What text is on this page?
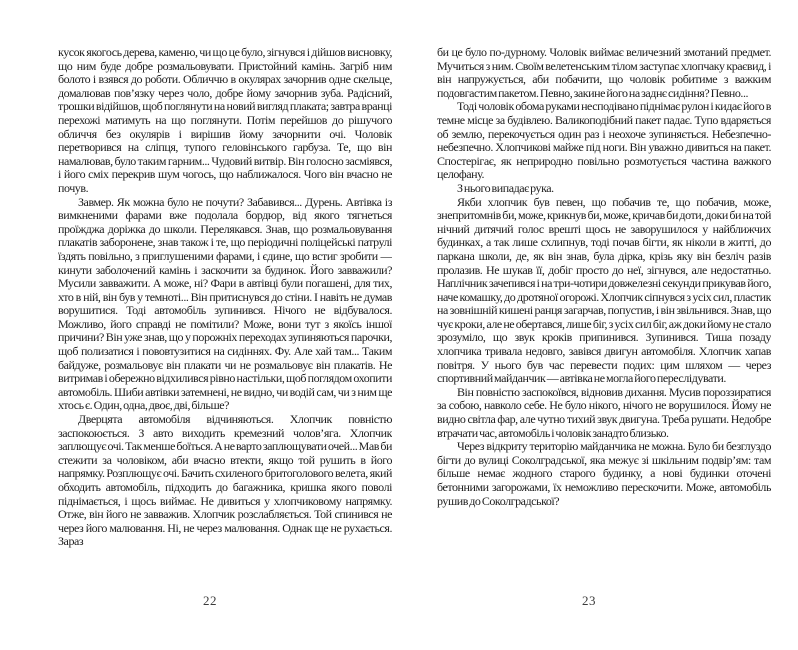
кусок якогось дерева, каменю, чи що це було, зігнувся і дійшов висновку, що ним буде добре розмальовувати. Пристойний камінь. Загріб ним болото і взявся до роботи. Обличчю в окулярах зачорнив одне скельце, домалював пов’язку через чоло, добре йому зачорнив зуба. Радісний, трошки відійшов, щоб поглянути на новий вигляд плаката; завтра вранці перехожі матимуть на що поглянути. Потім перейшов до рішучого обличчя без окулярів і вирішив йому зачорнити очі. Чоловік перетворився на сліпця, тупого геловінського гарбуза. Те, що він намалював, було таким гарним... Чудовий витвір. Він голосно засміявся, і його сміх перекрив шум чогось, що наближалося. Чого він вчасно не почув.

Завмер. Як можна було не почути? Забавився... Дурень. Автівка із вимкненими фарами вже подолала бордюр, від якого тягнеться проїжджа доріжка до школи. Перелякався. Знав, що розмальовування плакатів заборонене, знав також і те, що періодичні поліцейські патрулі їздять повільно, з приглушеними фарами, і єдине, що встиг зробити — кинути заболочений камінь і заскочити за будинок. Його завважили? Мусили завважити. А може, ні? Фари в автівці були погашені, для тих, хто в ній, він був у темноті... Він притиснувся до стіни. І навіть не думав ворушитися. Тоді автомобіль зупинився. Нічого не відбувалося. Можливо, його справді не помітили? Може, вони тут з якоїсь іншої причини? Він уже знав, що у порожніх переходах зупиняються парочки, щоб полизатися і пововтузитися на сидіннях. Фу. Але хай там... Таким байдуже, розмальовує він плакати чи не розмальовує він плакатів. Не витримав і обережно відхилився рівно настільки, щоб поглядом охопити автомобіль. Шиби автівки затемнені, не видно, чи водій сам, чи з ним ще хтось є. Один, одна, двоє, дві, більше?

Дверцята автомобіля відчиняються. Хлопчик повністю заспокоюється. З авто виходить кремезний чолов’яга. Хлопчик заплющує очі. Так менше боїться. А не варто заплющувати очей... Мав би стежити за чоловіком, аби вчасно втекти, якщо той рушить в його напрямку. Розплющує очі. Бачить схиленого бритоголового велета, який обходить автомобіль, підходить до багажника, кришка якого поволі піднімається, і щось виймає. Не дивиться у хлопчиковому напрямку. Отже, він його не завважив. Хлопчик розслабляється. Той спинився не через його малювання. Ні, не через малювання. Однак ще не рухається. Зараз

22

би це було по-дурному. Чоловік виймає величезний змотаний предмет. Мучиться з ним. Своїм велетенським тілом заступає хлопчаку краєвид, і він напружується, аби побачити, що чоловік робитиме з важким подовгастим пакетом. Певно, закине його на заднє сидіння? Певно...

Тоді чоловік обома руками несподівано піднімає рулон і кидає його в темне місце за будівлею. Валикоподібний пакет падає. Тупо вдаряється об землю, перекочується один раз і неохоче зупиняється. Небезпечно-небезпечно. Хлопчикові майже під ноги. Він уважно дивиться на пакет. Спостерігає, як неприродно повільно розмотується частина важкого целофану.

З нього випадає рука.

Якби хлопчик був певен, що побачив те, що побачив, може, знепритомнів би, може, крикнув би, може, кричав би доти, доки би на той нічний дитячий голос врешті щось не заворушилося у найближчих будинках, а так лише схлипнув, тоді почав бігти, як ніколи в житті, до паркана школи, де, як він знав, була дірка, крізь яку він безліч разів пролазив. Не шукав її, добіг просто до неї, зігнувся, але недостатньо. Наплічник зачепився і на три-чотири довжелезні секунди прикував його, наче комашку, до дротяної огорожі. Хлопчик сіпнувся з усіх сил, пластик на зовнішній кишені ранця загарчав, попустив, і він звільнився. Знав, що чує кроки, але не обертався, лише біг, з усіх сил біг, аж доки йому не стало зрозуміло, що звук кроків припинився. Зупинився. Тиша позаду хлопчика тривала недовго, завівся двигун автомобіля. Хлопчик хапав повітря. У нього був час перевести подих: цим шляхом — через спортивний майданчик — автівка не могла його переслідувати.

Він повністю заспокоївся, відновив дихання. Мусив пороззиратися за собою, навколо себе. Не було нікого, нічого не ворушилося. Йому не видно світла фар, але чутно тихий звук двигуна. Треба рушати. Недобре втрачати час, автомобіль і чоловік занадто близько.

Через відкриту територію майданчика не можна. Було би безглуздо бігти до вулиці Соколградської, яка межує зі шкільним подвір’ям: там більше немає жодного старого будинку, а нові будинки оточені бетонними загорожами, їх неможливо перескочити. Може, автомобіль рушив до Соколградської?

23
